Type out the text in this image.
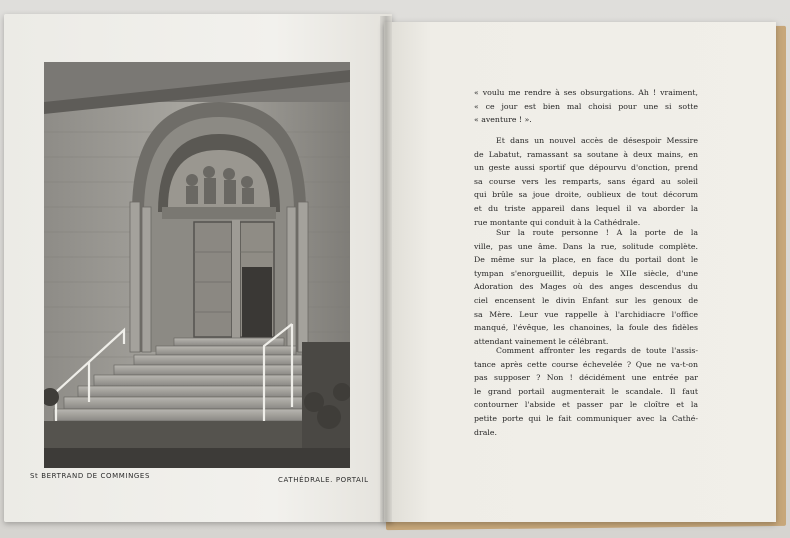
St BERTRAND DE COMMINGES	CATHÉDRALE. PORTAIL
« voulu me rendre à ses obsurgations. Ah ! vraiment,
« ce jour est bien mal choisi pour une si sotte
« aventure ! ».
Et dans un nouvel accès de désespoir Messire
de Labatut, ramassant sa soutane à deux mains, en
un geste aussi sportif que dépourvu d'onction, prend
sa course vers les remparts, sans égard au soleil
qui brûle sa joue droite, oublieux de tout décorum
et du triste appareil dans lequel il va aborder la
rue montante qui conduit à la Cathédrale.
Sur la route personne ! A la porte de la
ville, pas une âme. Dans la rue, solitude complète.
De même sur la place, en face du portail dont le
tympan s'enorgueillit, depuis le XIIe siècle, d'une
Adoration des Mages où des anges descendus du
ciel encensent le divin Enfant sur les genoux de
sa Mère. Leur vue rappelle à l'archidiacre l'office
manqué, l'évêque, les chanoines, la foule des fidèles
attendant vainement le célébrant.
Comment affronter les regards de toute l'assis-
tance après cette course échevelée ? Que ne va-t-on
pas supposer ? Non ! décidément une entrée par
le grand portail augmenterait le scandale. Il faut
contourner l'abside et passer par le cloître et la
petite porte qui le fait communiquer avec la Cathé-
drale.
